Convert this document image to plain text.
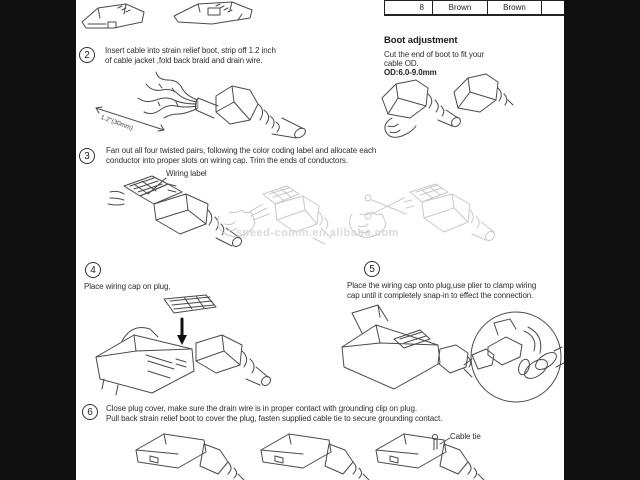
8	Brown	Brown
Boot adjustment
Cut the end of boot to fit your
cable OD.
OD:6.0-9.0mm
2	Insert cable into strain relief boot, strip off 1.2 inch
of cable jacket ,fold back braid and drain wire.
1.2"(30mm)
3	Fan out all four twisted pairs, following the color coding label and allocate each
conductor into proper slots on wiring cap. Trim the ends of conductors.
Wiring label
speed-comm.en.alibaba.com
4
Place wiring cap on plug.
5
Place the wiring cap onto plug,use plier to clamp wiring
cap until it completely snap-in to effect the connection.
6	Close plug cover, make sure the drain wire is in proper contact with grounding clip on plug.
Pull back strain relief boot to cover the plug, fasten supplied cable tie to secure grounding contact.
Cable tie
